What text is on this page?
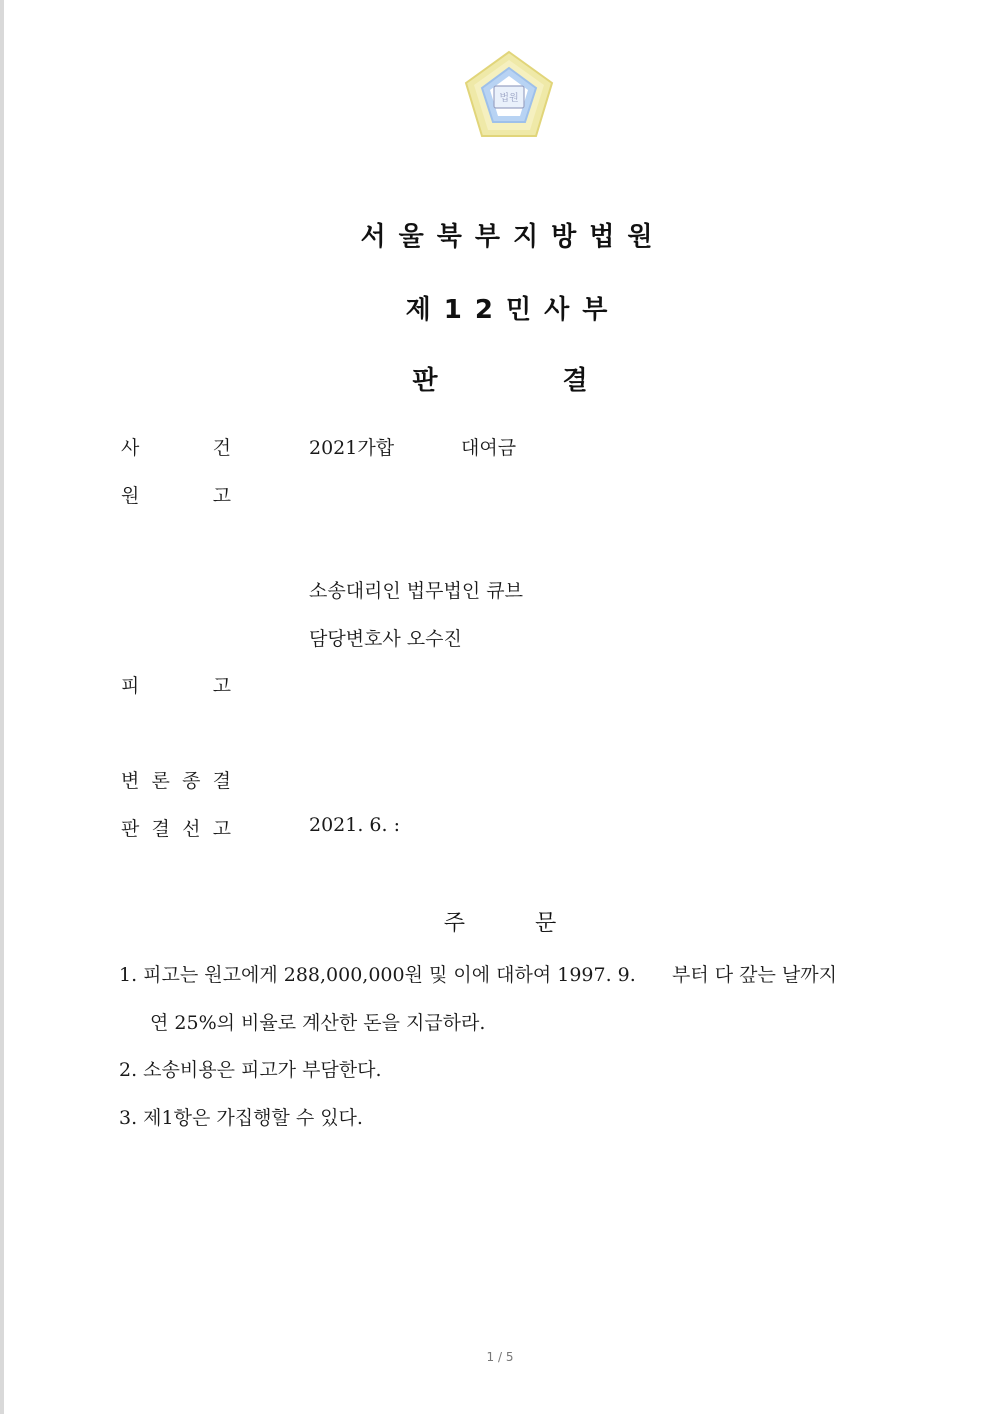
법원
서울북부지방법원
제12민사부
판	결
사	건	2021가합	대여금
원	고
소송대리인 법무법인 큐브
담당변호사 오수진
피	고
변 론 종 결
판 결 선 고	2021. 6. :
주	문
1. 피고는 원고에게 288,000,000원 및 이에 대하여 1997. 9.      부터 다 갚는 날까지
연 25%의 비율로 계산한 돈을 지급하라.
2. 소송비용은 피고가 부담한다.
3. 제1항은 가집행할 수 있다.
1 / 5
